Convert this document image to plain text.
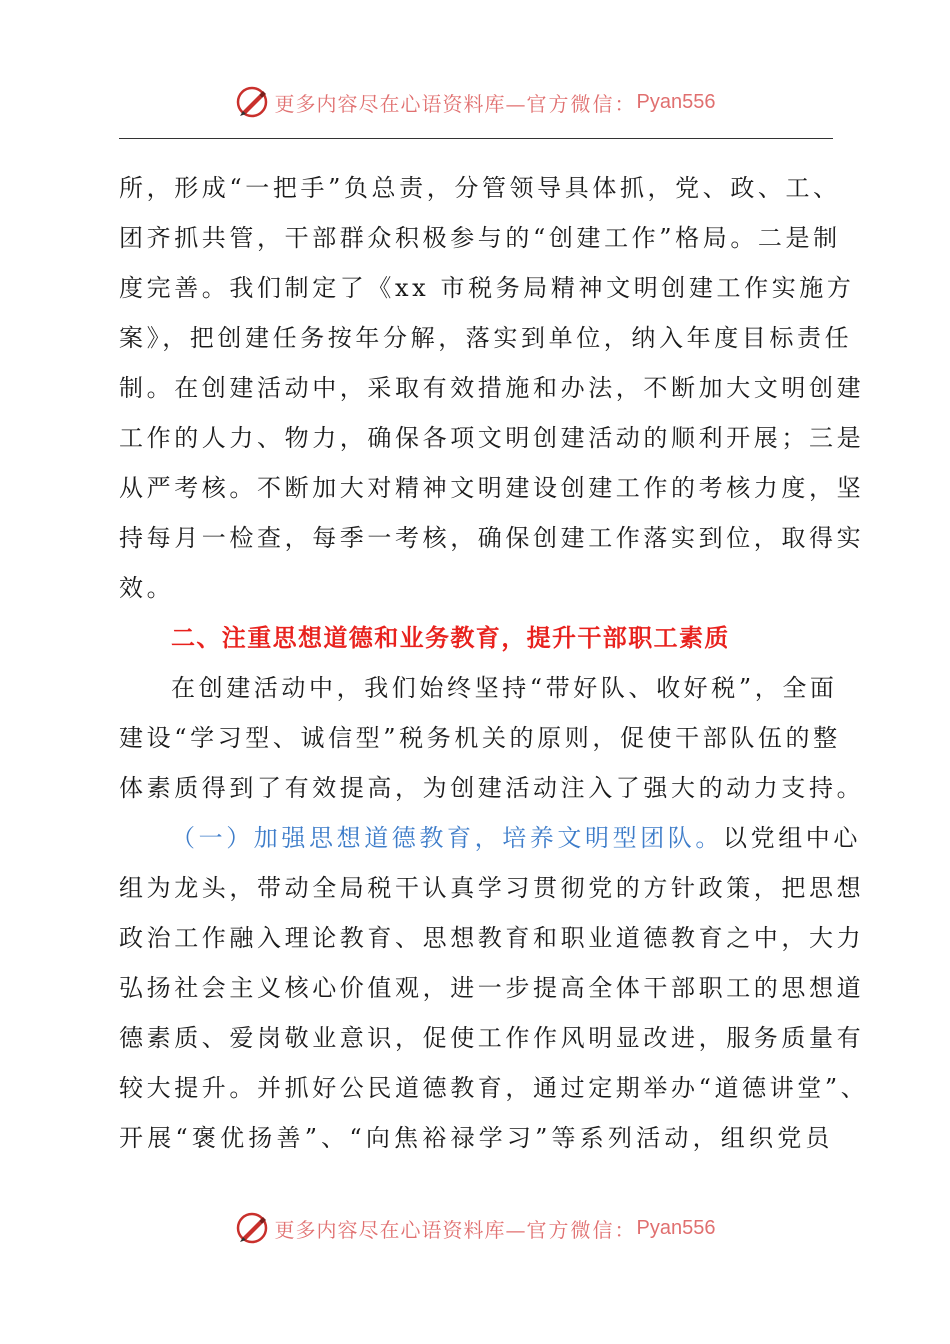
更多内容尽在心语资料库— 官方微信： Pyan556
所，形成“一把手”负总责，分管领导具体抓，党、政、工、
团齐抓共管，干部群众积极参与的“创建工作”格局。二是制
度完善。我们制定了《xx 市税务局精神文明创建工作实施方
案》，把创建任务按年分解，落实到单位，纳入年度目标责任
制。在创建活动中，采取有效措施和办法，不断加大文明创建
工作的人力、物力，确保各项文明创建活动的顺利开展；三是
从严考核。不断加大对精神文明建设创建工作的考核力度，坚
持每月一检查，每季一考核，确保创建工作落实到位，取得实
效。
二、注重思想道德和业务教育，提升干部职工素质
在创建活动中，我们始终坚持“带好队、收好税”，全面
建设“学习型、诚信型”税务机关的原则，促使干部队伍的整
体素质得到了有效提高，为创建活动注入了强大的动力支持。
（一）加强思想道德教育，培养文明型团队。以党组中心
组为龙头，带动全局税干认真学习贯彻党的方针政策，把思想
政治工作融入理论教育、思想教育和职业道德教育之中，大力
弘扬社会主义核心价值观，进一步提高全体干部职工的思想道
德素质、爱岗敬业意识，促使工作作风明显改进，服务质量有
较大提升。并抓好公民道德教育，通过定期举办“道德讲堂”、
开展“褒优扬善”、“向焦裕禄学习”等系列活动，组织党员
更多内容尽在心语资料库— 官方微信： Pyan556
